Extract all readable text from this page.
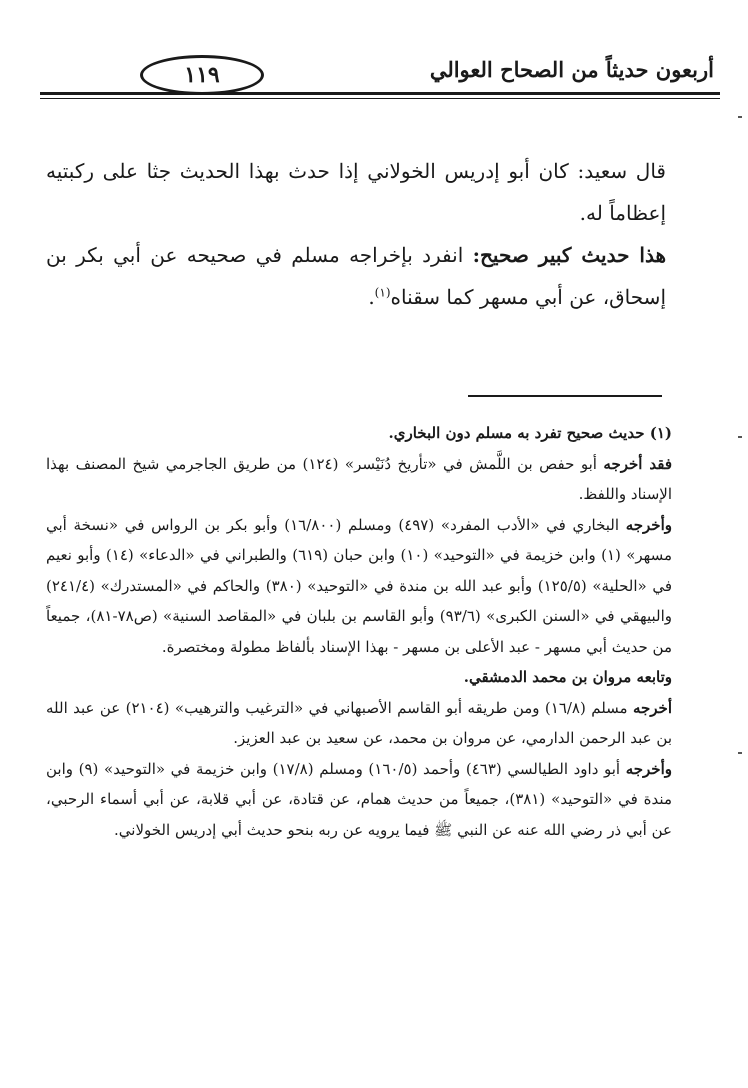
أربعون حديثاً من الصحاح العوالي
١١٩

قال سعيد: كان أبو إدريس الخولاني إذا حدث بهذا الحديث جثا على ركبتيه إعظاماً له.

هذا حديث كبير صحيح: انفرد بإخراجه مسلم في صحيحه عن أبي بكر بن إسحاق، عن أبي مسهر كما سقناه$^{(١)}$.

(١) حديث صحيح تفرد به مسلم دون البخاري.

فقد أخرجه أبو حفص بن اللَّمش في «تأريخ دُنَيْسر» (١٢٤) من طريق الجاجرمي شيخ المصنف بهذا الإسناد واللفظ.

وأخرجه البخاري في «الأدب المفرد» (٤٩٧) ومسلم (١٦/٨٠٠) وأبو بكر بن الرواس في «نسخة أبي مسهر» (١) وابن خزيمة في «التوحيد» (١٠) وابن حبان (٦١٩) والطبراني في «الدعاء» (١٤) وأبو نعيم في «الحلية» (١٢٥/٥) وأبو عبد الله بن مندة في «التوحيد» (٣٨٠) والحاكم في «المستدرك» (٢٤١/٤) والبيهقي في «السنن الكبرى» (٩٣/٦) وأبو القاسم بن بلبان في «المقاصد السنية» (ص٧٨-٨١)، جميعاً من حديث أبي مسهر - عبد الأعلى بن مسهر - بهذا الإسناد بألفاظ مطولة ومختصرة.

وتابعه مروان بن محمد الدمشقي.

أخرجه مسلم (١٦/٨) ومن طريقه أبو القاسم الأصبهاني في «الترغيب والترهيب» (٢١٠٤) عن عبد الله بن عبد الرحمن الدارمي، عن مروان بن محمد، عن سعيد بن عبد العزيز.

وأخرجه أبو داود الطيالسي (٤٦٣) وأحمد (١٦٠/٥) ومسلم (١٧/٨) وابن خزيمة في «التوحيد» (٩) وابن مندة في «التوحيد» (٣٨١)، جميعاً من حديث همام، عن قتادة، عن أبي قلابة، عن أبي أسماء الرحبي، عن أبي ذر رضي الله عنه عن النبي ﷺ فيما يرويه عن ربه بنحو حديث أبي إدريس الخولاني.
